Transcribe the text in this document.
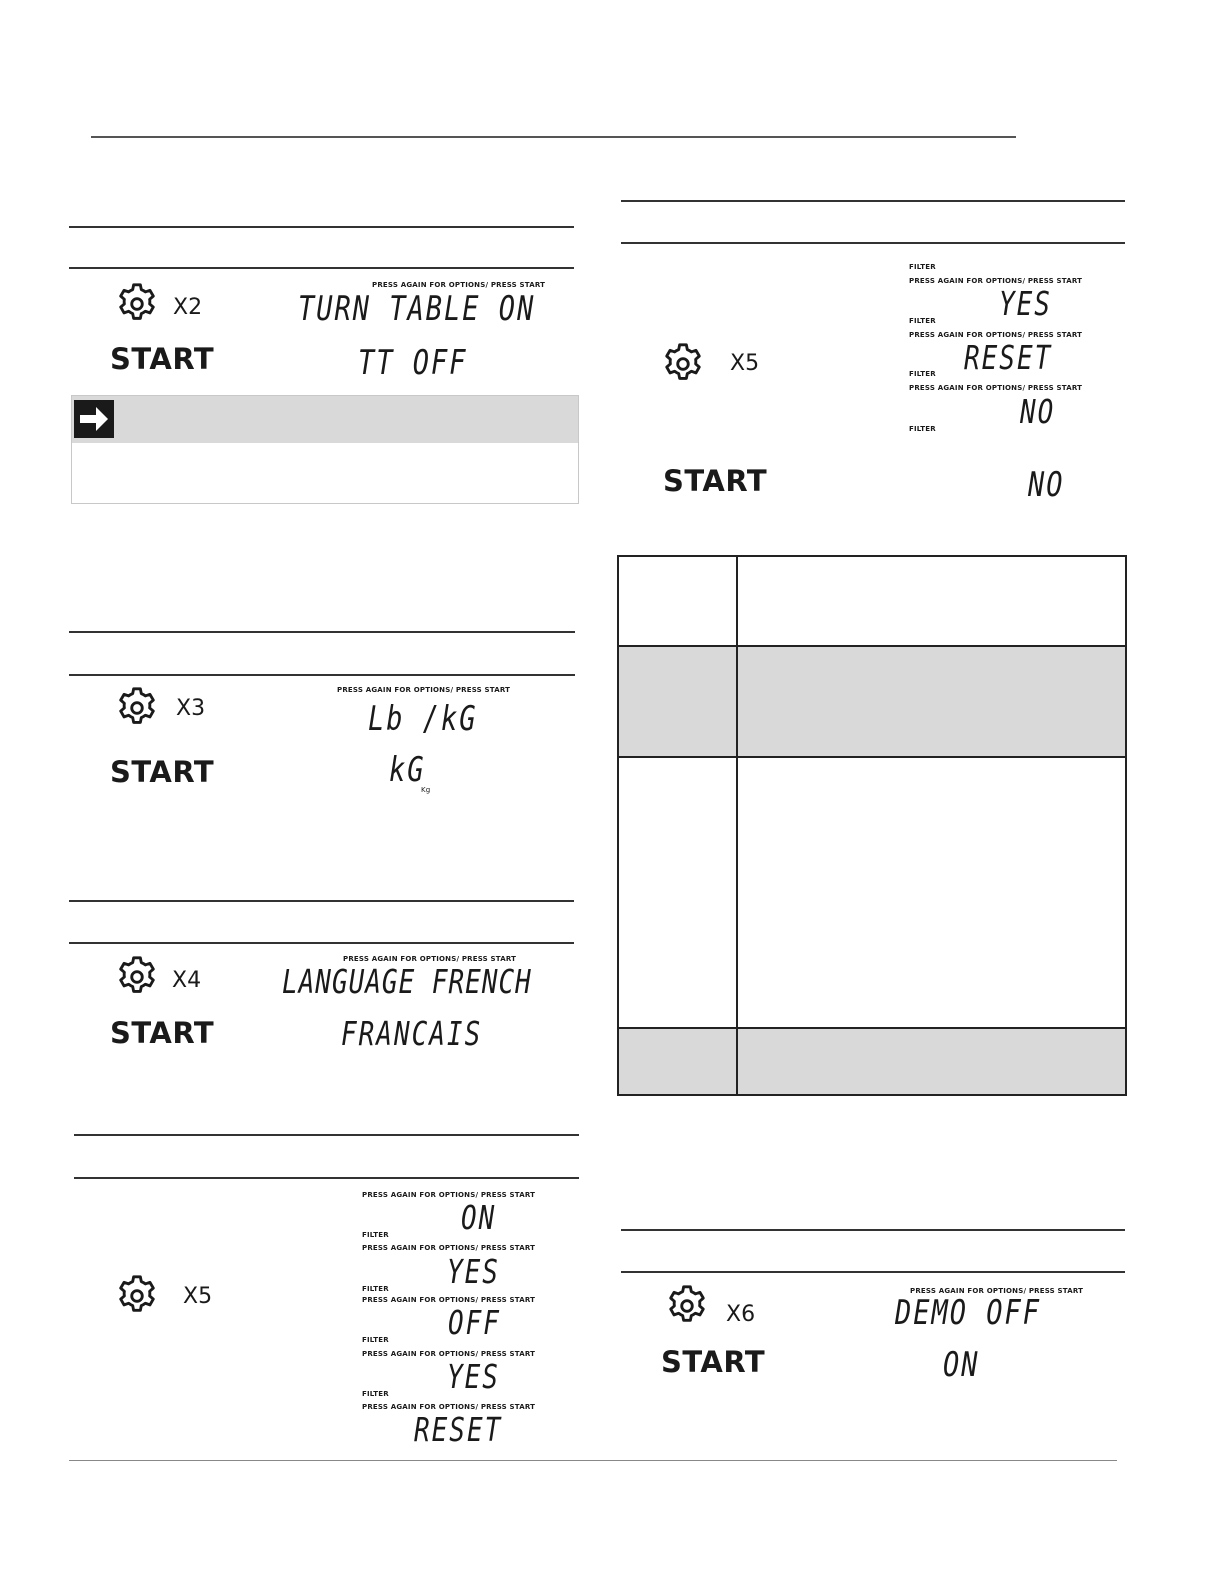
X2
PRESS AGAIN FOR OPTIONS/ PRESS START
TURN TABLE ON
START	TT OFF
X3
PRESS AGAIN FOR OPTIONS/ PRESS START
Lb /kG
START	kG
Kg
X4
PRESS AGAIN FOR OPTIONS/ PRESS START
LANGUAGE FRENCH
START	FRANCAIS
X5
PRESS AGAIN FOR OPTIONS/ PRESS START
ON
FILTER
PRESS AGAIN FOR OPTIONS/ PRESS START
YES
FILTER
PRESS AGAIN FOR OPTIONS/ PRESS START
OFF
FILTER
PRESS AGAIN FOR OPTIONS/ PRESS START
YES
FILTER
PRESS AGAIN FOR OPTIONS/ PRESS START
RESET
FILTER
PRESS AGAIN FOR OPTIONS/ PRESS START
YES
FILTER
PRESS AGAIN FOR OPTIONS/ PRESS START
RESET
FILTER
PRESS AGAIN FOR OPTIONS/ PRESS START
NO
FILTER
X5
START	NO
X6
PRESS AGAIN FOR OPTIONS/ PRESS START
DEMO OFF
START	ON
